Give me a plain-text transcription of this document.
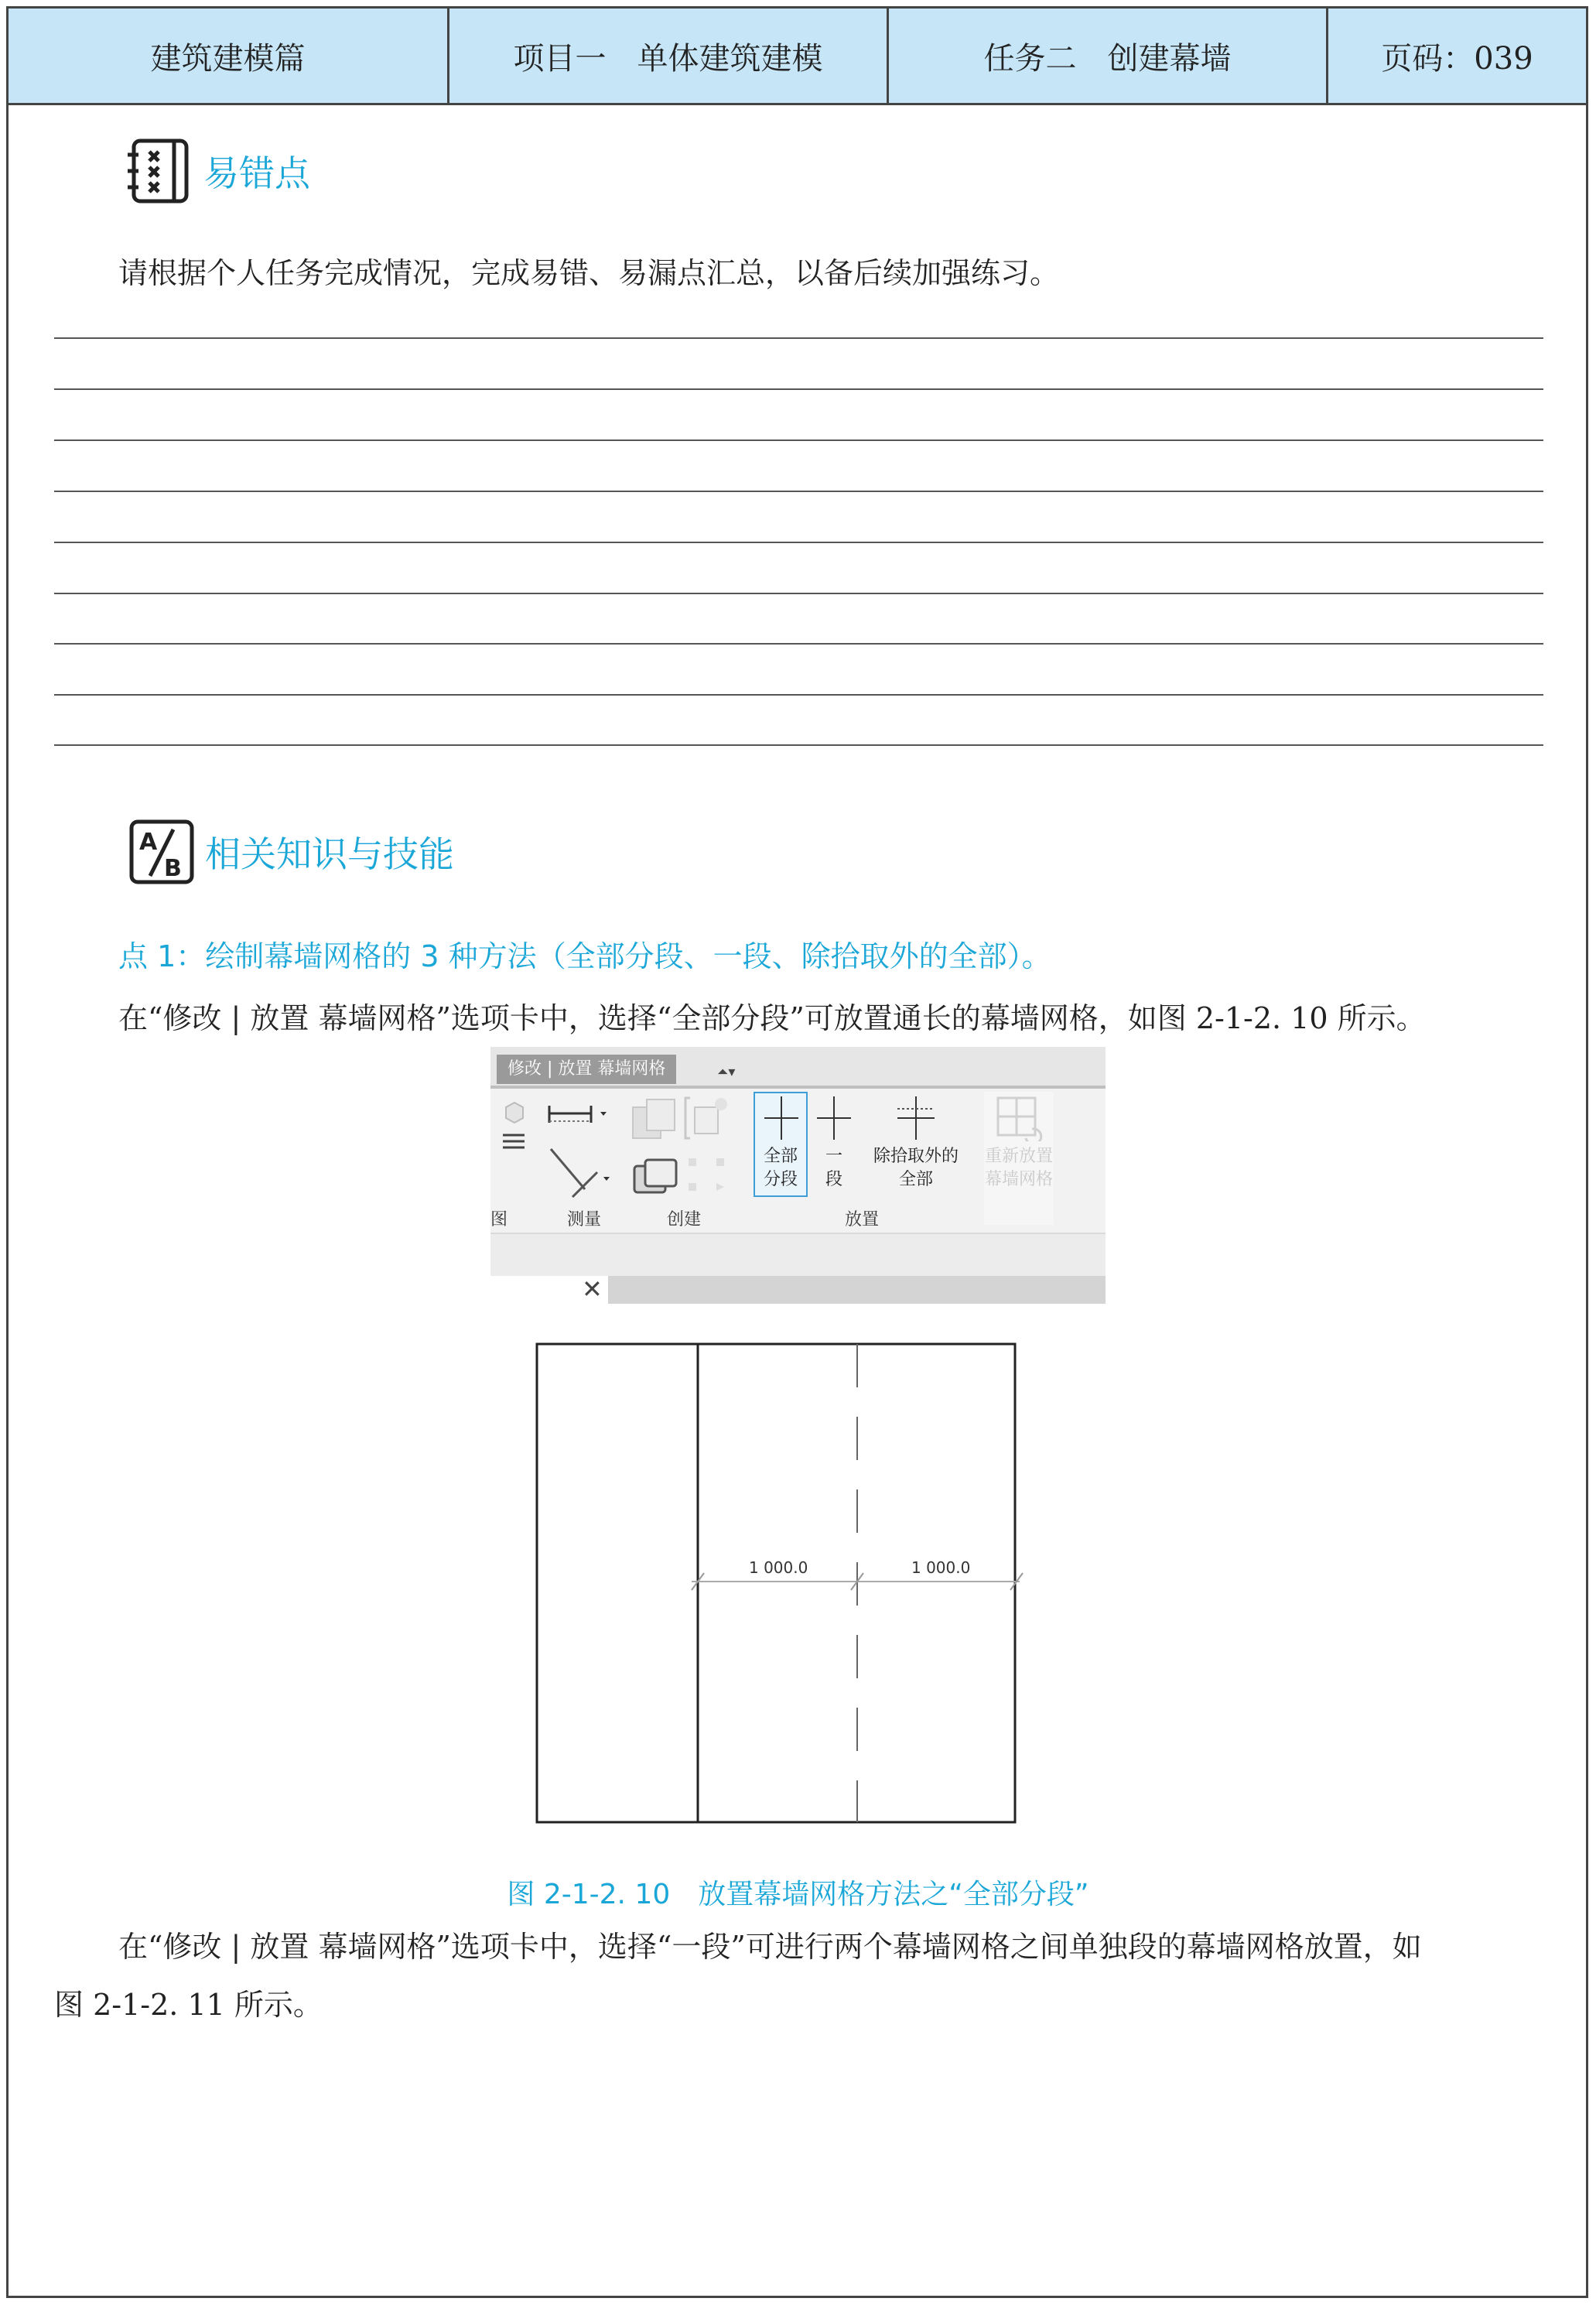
建筑建模篇	项目一　单体建筑建模	任务二　创建幕墙	页码：039
易错点
请根据个人任务完成情况，完成易错、易漏点汇总，以备后续加强练习。
A
B 相关知识与技能
点 1：绘制幕墙网格的 3 种方法（全部分段、一段、除拾取外的全部）。
在“修改 | 放置 幕墙网格”选项卡中，选择“全部分段”可放置通长的幕墙网格，如图 2-1-2. 10 所示。
修改 | 放置 幕墙网格	⏶▾
图	测量	创建
全部
分段
一
段
除拾取外的
全部
放置
重新放置
幕墙网格
✕
1 000.0	1 000.0
图 2-1-2. 10　放置幕墙网格方法之“全部分段”
在“修改 | 放置 幕墙网格”选项卡中，选择“一段”可进行两个幕墙网格之间单独段的幕墙网格放置，如
图 2-1-2. 11 所示。
